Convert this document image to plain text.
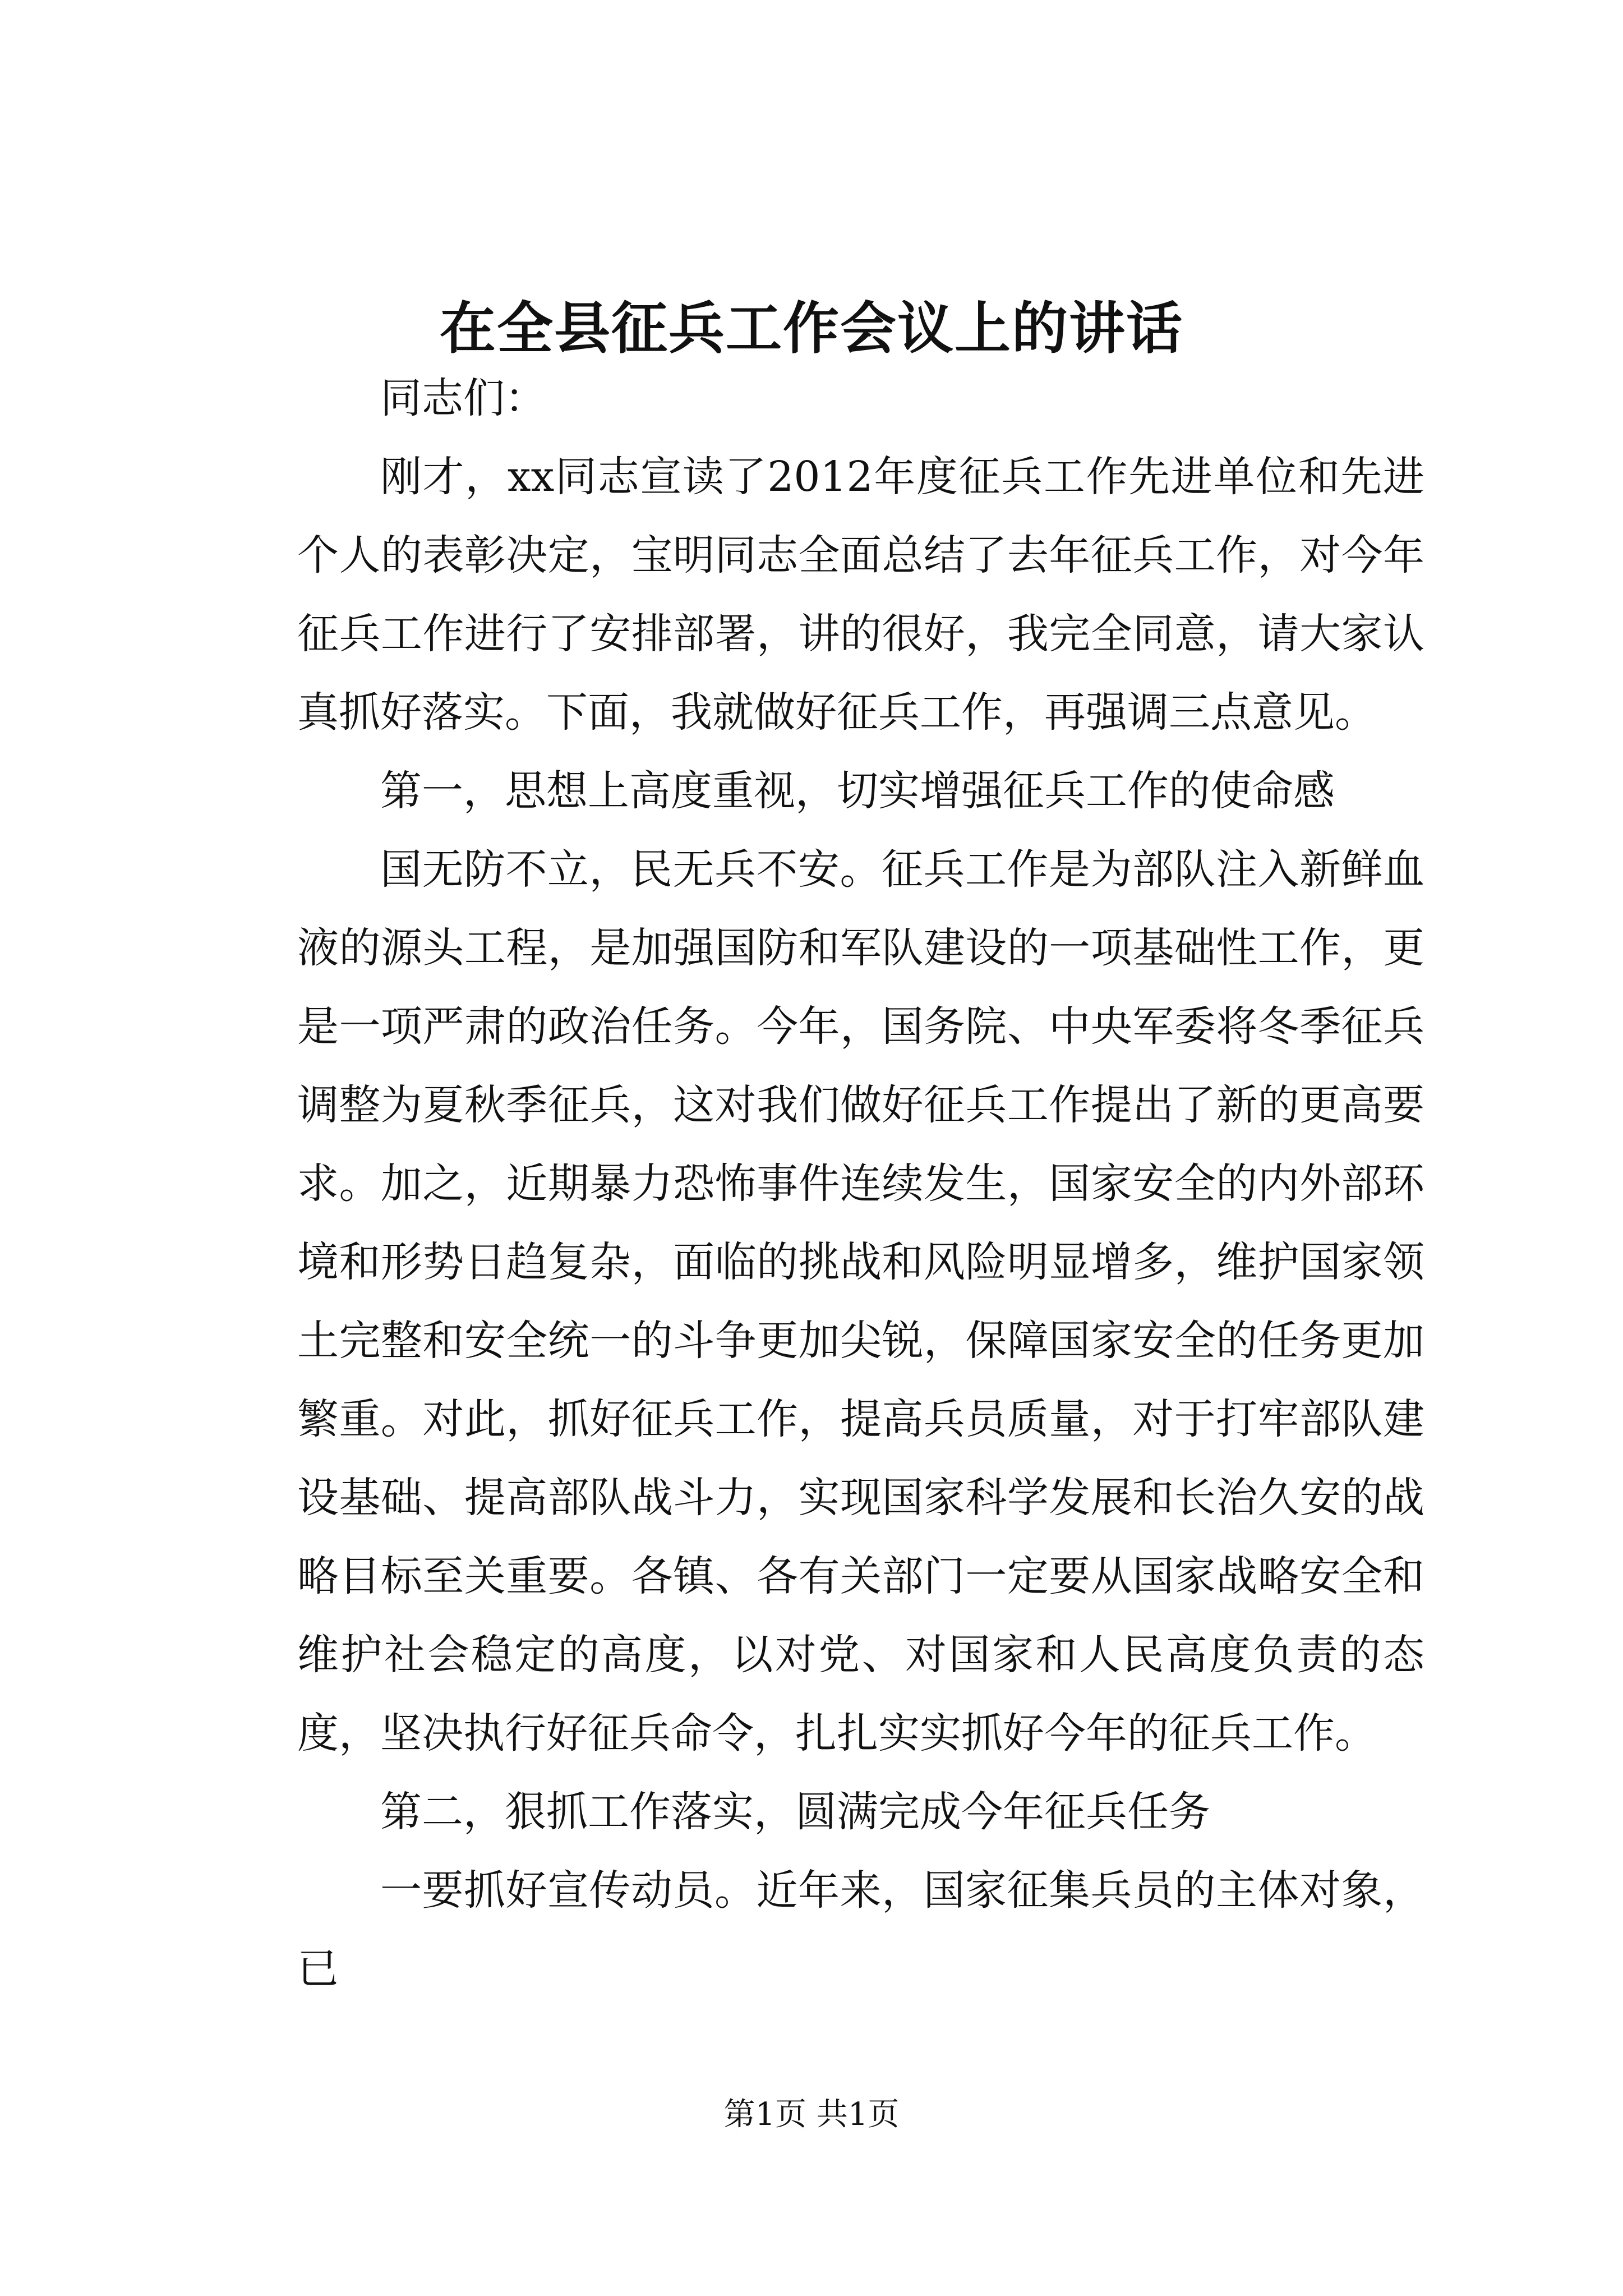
在全县征兵工作会议上的讲话

同志们：

刚才，xx同志宣读了2012年度征兵工作先进单位和先进个人的表彰决定，宝明同志全面总结了去年征兵工作，对今年征兵工作进行了安排部署，讲的很好，我完全同意，请大家认真抓好落实。下面，我就做好征兵工作，再强调三点意见。

第一，思想上高度重视，切实增强征兵工作的使命感

国无防不立，民无兵不安。征兵工作是为部队注入新鲜血液的源头工程，是加强国防和军队建设的一项基础性工作，更是一项严肃的政治任务。今年，国务院、中央军委将冬季征兵调整为夏秋季征兵，这对我们做好征兵工作提出了新的更高要求。加之，近期暴力恐怖事件连续发生，国家安全的内外部环境和形势日趋复杂，面临的挑战和风险明显增多，维护国家领土完整和安全统一的斗争更加尖锐，保障国家安全的任务更加繁重。对此，抓好征兵工作，提高兵员质量，对于打牢部队建设基础、提高部队战斗力，实现国家科学发展和长治久安的战略目标至关重要。各镇、各有关部门一定要从国家战略安全和维护社会稳定的高度，以对党、对国家和人民高度负责的态度，坚决执行好征兵命令，扎扎实实抓好今年的征兵工作。

第二，狠抓工作落实，圆满完成今年征兵任务

一要抓好宣传动员。近年来，国家征集兵员的主体对象，已

第1页 共1页
